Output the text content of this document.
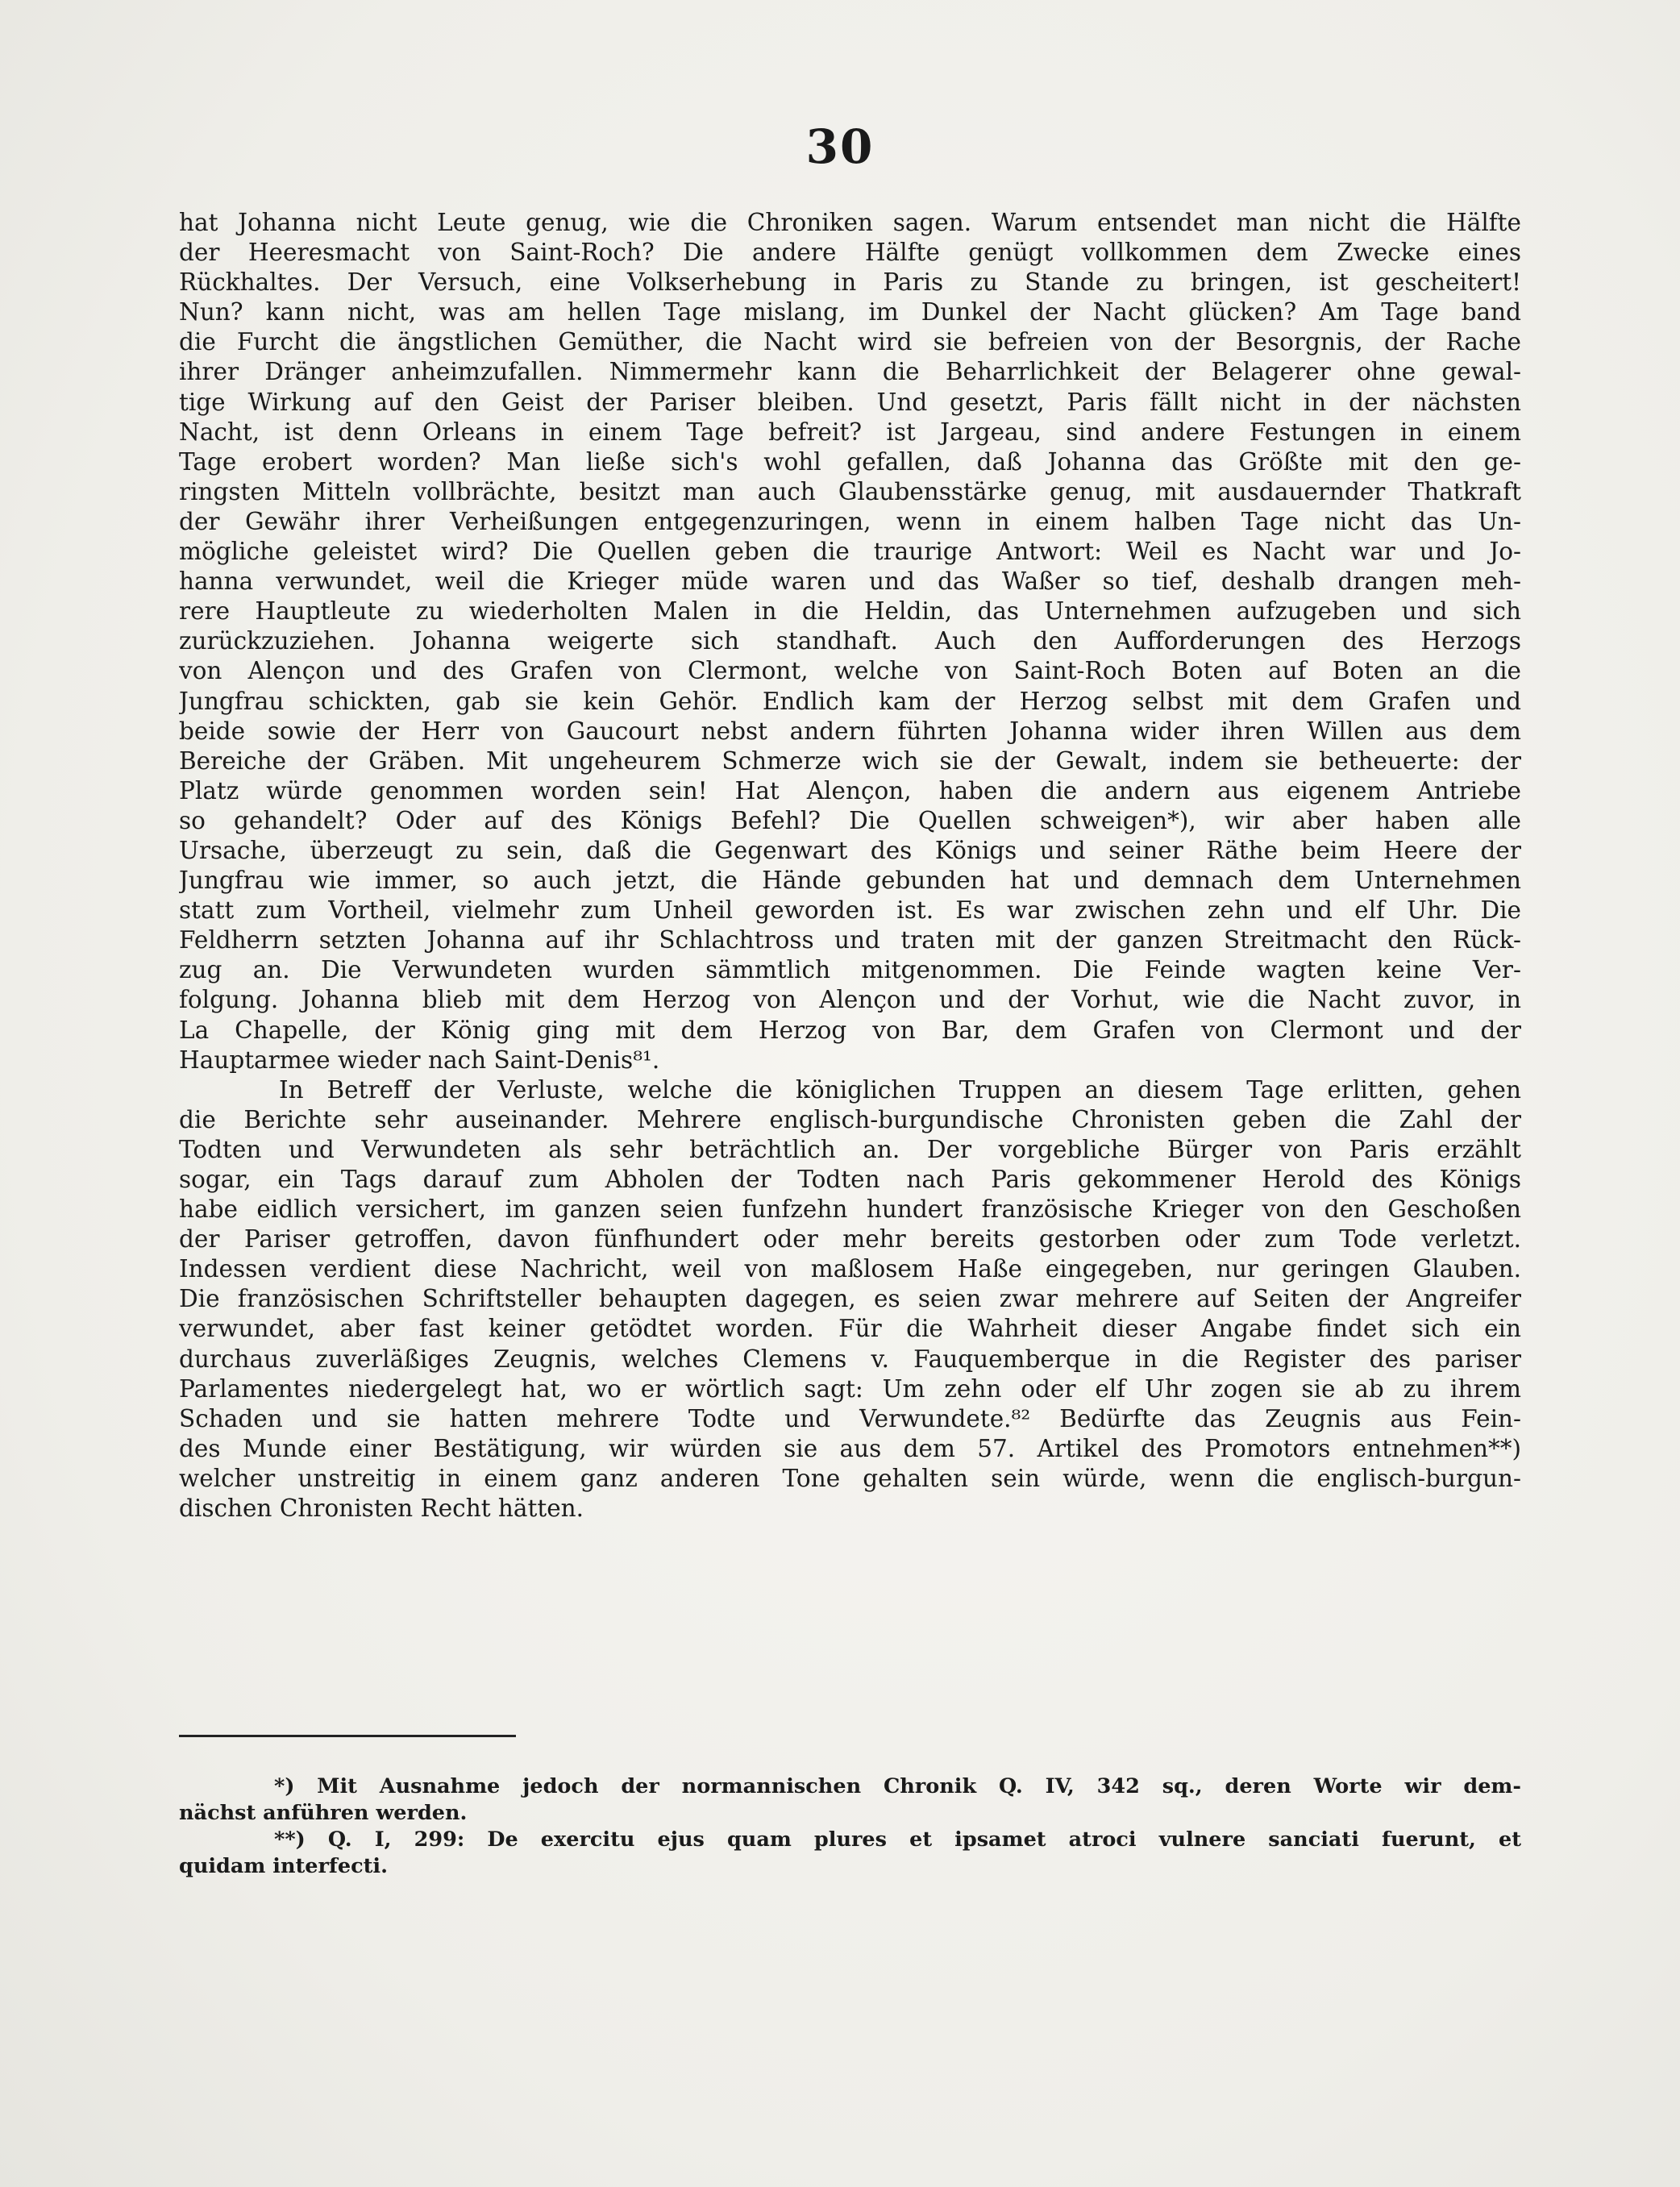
30
hat Johanna nicht Leute genug, wie die Chroniken sagen. Warum entsendet man nicht die Hälfte
der Heeresmacht von Saint-Roch? Die andere Hälfte genügt vollkommen dem Zwecke eines
Rückhaltes. Der Versuch, eine Volkserhebung in Paris zu Stande zu bringen, ist gescheitert!
Nun? kann nicht, was am hellen Tage mislang, im Dunkel der Nacht glücken? Am Tage band
die Furcht die ängstlichen Gemüther, die Nacht wird sie befreien von der Besorgnis, der Rache
ihrer Dränger anheimzufallen. Nimmermehr kann die Beharrlichkeit der Belagerer ohne gewal-
tige Wirkung auf den Geist der Pariser bleiben. Und gesetzt, Paris fällt nicht in der nächsten
Nacht, ist denn Orleans in einem Tage befreit? ist Jargeau, sind andere Festungen in einem
Tage erobert worden? Man ließe sich's wohl gefallen, daß Johanna das Größte mit den ge-
ringsten Mitteln vollbrächte, besitzt man auch Glaubensstärke genug, mit ausdauernder Thatkraft
der Gewähr ihrer Verheißungen entgegenzuringen, wenn in einem halben Tage nicht das Un-
mögliche geleistet wird? Die Quellen geben die traurige Antwort: Weil es Nacht war und Jo-
hanna verwundet, weil die Krieger müde waren und das Waßer so tief, deshalb drangen meh-
rere Hauptleute zu wiederholten Malen in die Heldin, das Unternehmen aufzugeben und sich
zurückzuziehen. Johanna weigerte sich standhaft. Auch den Aufforderungen des Herzogs
von Alençon und des Grafen von Clermont, welche von Saint-Roch Boten auf Boten an die
Jungfrau schickten, gab sie kein Gehör. Endlich kam der Herzog selbst mit dem Grafen und
beide sowie der Herr von Gaucourt nebst andern führten Johanna wider ihren Willen aus dem
Bereiche der Gräben. Mit ungeheurem Schmerze wich sie der Gewalt, indem sie betheuerte: der
Platz würde genommen worden sein! Hat Alençon, haben die andern aus eigenem Antriebe
so gehandelt? Oder auf des Königs Befehl? Die Quellen schweigen*), wir aber haben alle
Ursache, überzeugt zu sein, daß die Gegenwart des Königs und seiner Räthe beim Heere der
Jungfrau wie immer, so auch jetzt, die Hände gebunden hat und demnach dem Unternehmen
statt zum Vortheil, vielmehr zum Unheil geworden ist. Es war zwischen zehn und elf Uhr. Die
Feldherrn setzten Johanna auf ihr Schlachtross und traten mit der ganzen Streitmacht den Rück-
zug an. Die Verwundeten wurden sämmtlich mitgenommen. Die Feinde wagten keine Ver-
folgung. Johanna blieb mit dem Herzog von Alençon und der Vorhut, wie die Nacht zuvor, in
La Chapelle, der König ging mit dem Herzog von Bar, dem Grafen von Clermont und der
Hauptarmee wieder nach Saint-Denis⁸¹.
In Betreff der Verluste, welche die königlichen Truppen an diesem Tage erlitten, gehen
die Berichte sehr auseinander. Mehrere englisch-burgundische Chronisten geben die Zahl der
Todten und Verwundeten als sehr beträchtlich an. Der vorgebliche Bürger von Paris erzählt
sogar, ein Tags darauf zum Abholen der Todten nach Paris gekommener Herold des Königs
habe eidlich versichert, im ganzen seien funfzehn hundert französische Krieger von den Geschoßen
der Pariser getroffen, davon fünfhundert oder mehr bereits gestorben oder zum Tode verletzt.
Indessen verdient diese Nachricht, weil von maßlosem Haße eingegeben, nur geringen Glauben.
Die französischen Schriftsteller behaupten dagegen, es seien zwar mehrere auf Seiten der Angreifer
verwundet, aber fast keiner getödtet worden. Für die Wahrheit dieser Angabe findet sich ein
durchaus zuverläßiges Zeugnis, welches Clemens v. Fauquemberque in die Register des pariser
Parlamentes niedergelegt hat, wo er wörtlich sagt: Um zehn oder elf Uhr zogen sie ab zu ihrem
Schaden und sie hatten mehrere Todte und Verwundete.⁸² Bedürfte das Zeugnis aus Fein-
des Munde einer Bestätigung, wir würden sie aus dem 57. Artikel des Promotors entnehmen**)
welcher unstreitig in einem ganz anderen Tone gehalten sein würde, wenn die englisch-burgun-
dischen Chronisten Recht hätten.
*) Mit Ausnahme jedoch der normannischen Chronik Q. IV, 342 sq., deren Worte wir dem-
nächst anführen werden.
**) Q. I, 299: De exercitu ejus quam plures et ipsamet atroci vulnere sanciati fuerunt, et
quidam interfecti.
